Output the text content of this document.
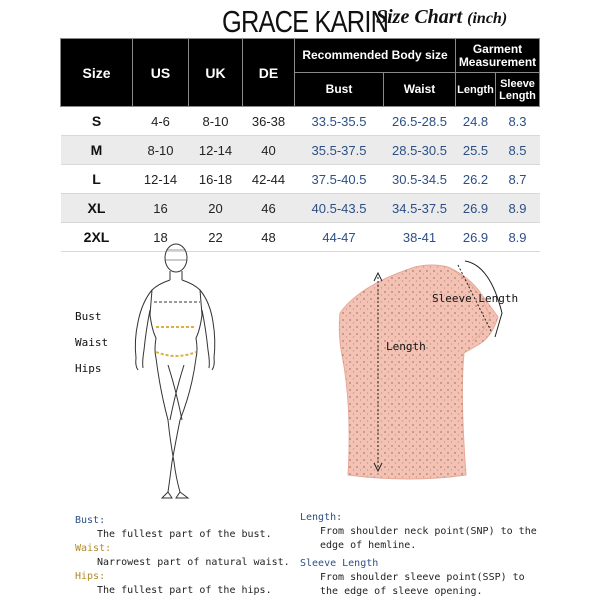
GRACE KARIN
Size Chart (inch)
Size	US	UK	DE	Recommended Body size		Garment
Measurement	

				Bust	Waist	Length	Sleeve
Length

S	4-6	8-10	36-38	33.5-35.5	26.5-28.5	24.8	8.3
M	8-10	12-14	40	35.5-37.5	28.5-30.5	25.5	8.5
L	12-14	16-18	42-44	37.5-40.5	30.5-34.5	26.2	8.7
XL	16	20	46	40.5-43.5	34.5-37.5	26.9	8.9
2XL	18	22	48	44-47	38-41	26.9	8.9
Bust
Waist
Hips
Sleeve Length
Length
Bust:
The fullest part of the bust.
Waist:
Narrowest part of natural waist.
Hips:
The fullest part of the hips.
Length:
From shoulder neck point(SNP) to the
edge of hemline.
Sleeve Length
From shoulder sleeve point(SSP) to
the edge of sleeve opening.
